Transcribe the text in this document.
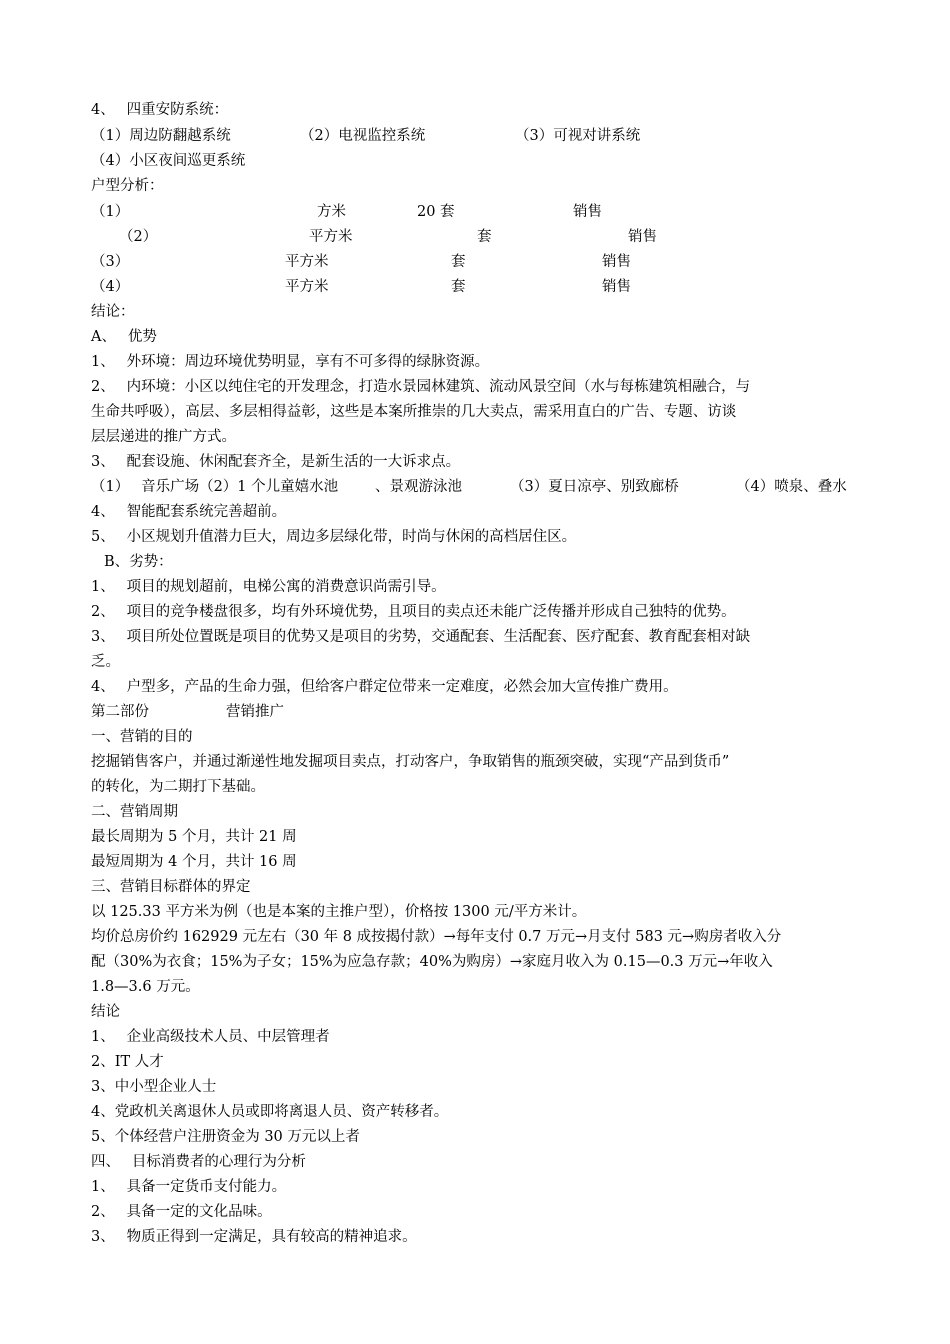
4、　 四重安防系统：
（1）周边防翻越系统	（2）电视监控系统	（3）可视对讲系统
（4）小区夜间巡更系统
户型分析：
（1）	方米	20 套	销售
（2）	平方米	套	销售
（3）	平方米	套	销售
（4）	平方米	套	销售
结论：
A、　 优势
1、　 外环境：周边环境优势明显，享有不可多得的绿脉资源。
2、　 内环境：小区以纯住宅的开发理念，打造水景园林建筑、流动风景空间（水与每栋建筑相融合，与
生命共呼吸），高层、多层相得益彰，这些是本案所推崇的几大卖点，需采用直白的广告、专题、访谈
层层递进的推广方式。
3、　 配套设施、休闲配套齐全，是新生活的一大诉求点。
（1）　 音乐广场（2）1 个儿童嬉水池	、景观游泳池	（3）夏日凉亭、别致廊桥	（4）喷泉、叠水
4、　 智能配套系统完善超前。
5、　 小区规划升值潜力巨大，周边多层绿化带，时尚与休闲的高档居住区。
B、劣势：
1、　 项目的规划超前，电梯公寓的消费意识尚需引导。
2、　 项目的竞争楼盘很多，均有外环境优势，且项目的卖点还未能广泛传播并形成自己独特的优势。
3、　 项目所处位置既是项目的优势又是项目的劣势，交通配套、生活配套、医疗配套、教育配套相对缺
乏。
4、　 户型多，产品的生命力强，但给客户群定位带来一定难度，必然会加大宣传推广费用。
第二部份	营销推广
一、营销的目的
挖掘销售客户，并通过渐递性地发掘项目卖点，打动客户，争取销售的瓶颈突破，实现“产品到货币”
的转化，为二期打下基础。
二、营销周期
最长周期为 5 个月，共计 21 周
最短周期为 4 个月，共计 16 周
三、营销目标群体的界定
以 125.33 平方米为例（也是本案的主推户型），价格按 1300 元/平方米计。
均价总房价约 162929 元左右（30 年 8 成按揭付款）→每年支付 0.7 万元→月支付 583 元→购房者收入分
配（30%为衣食；15%为子女；15%为应急存款；40%为购房）→家庭月收入为 0.15—0.3 万元→年收入
1.8—3.6 万元。
结论
1、　 企业高级技术人员、中层管理者
2、IT 人才
3、中小型企业人士
4、党政机关离退休人员或即将离退人员、资产转移者。
5、个体经营户注册资金为 30 万元以上者
四、　 目标消费者的心理行为分析
1、　 具备一定货币支付能力。
2、　 具备一定的文化品味。
3、　 物质正得到一定满足，具有较高的精神追求。
